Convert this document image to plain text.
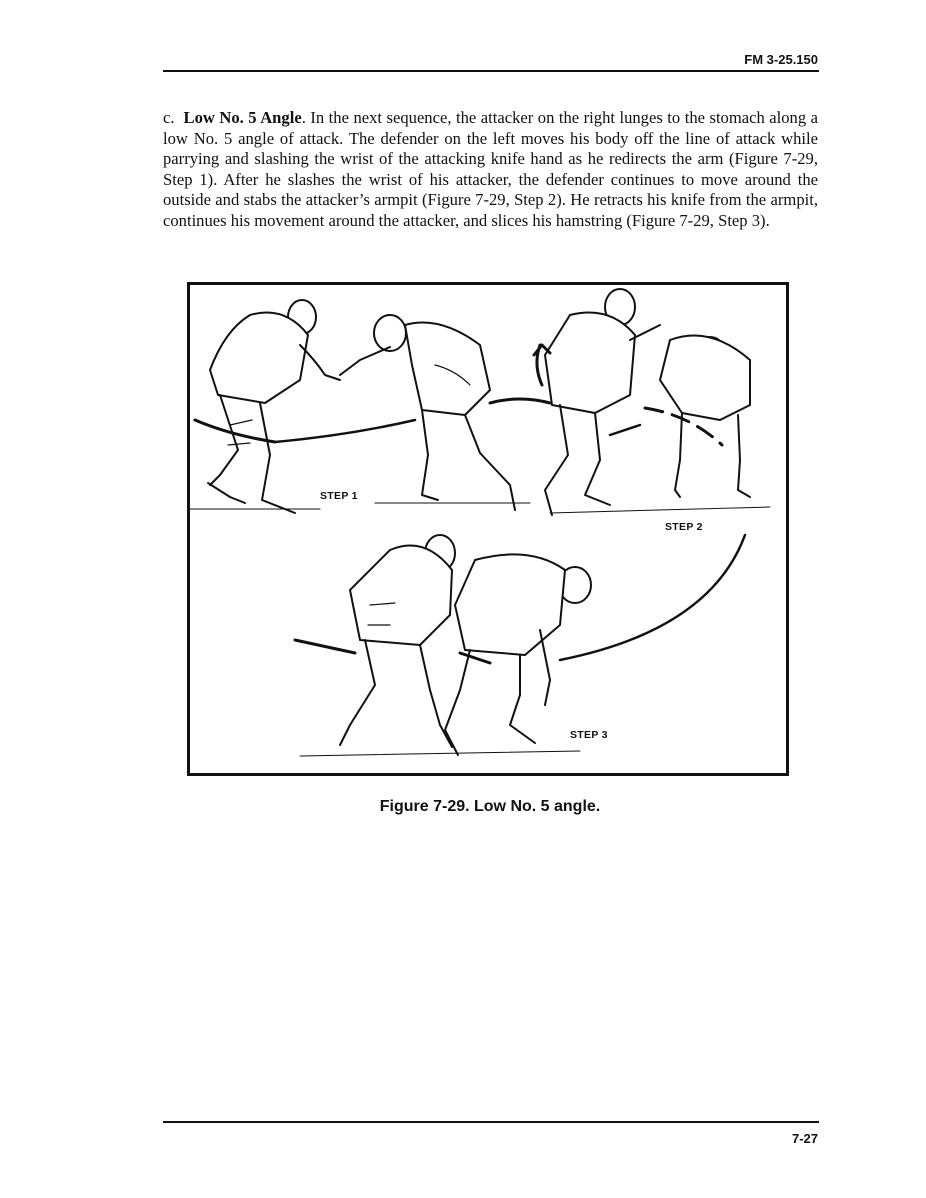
FM 3-25.150

c. Low No. 5 Angle. In the next sequence, the attacker on the right lunges to the stomach along a low No. 5 angle of attack. The defender on the left moves his body off the line of attack while parrying and slashing the wrist of the attacking knife hand as he redirects the arm (Figure 7-29, Step 1). After he slashes the wrist of his attacker, the defender continues to move around the outside and stabs the attacker’s armpit (Figure 7-29, Step 2). He retracts his knife from the armpit, continues his movement around the attacker, and slices his hamstring (Figure 7-29, Step 3).

STEP 1
STEP 2
STEP 3
Figure 7-29. Low No. 5 angle.
7-27
